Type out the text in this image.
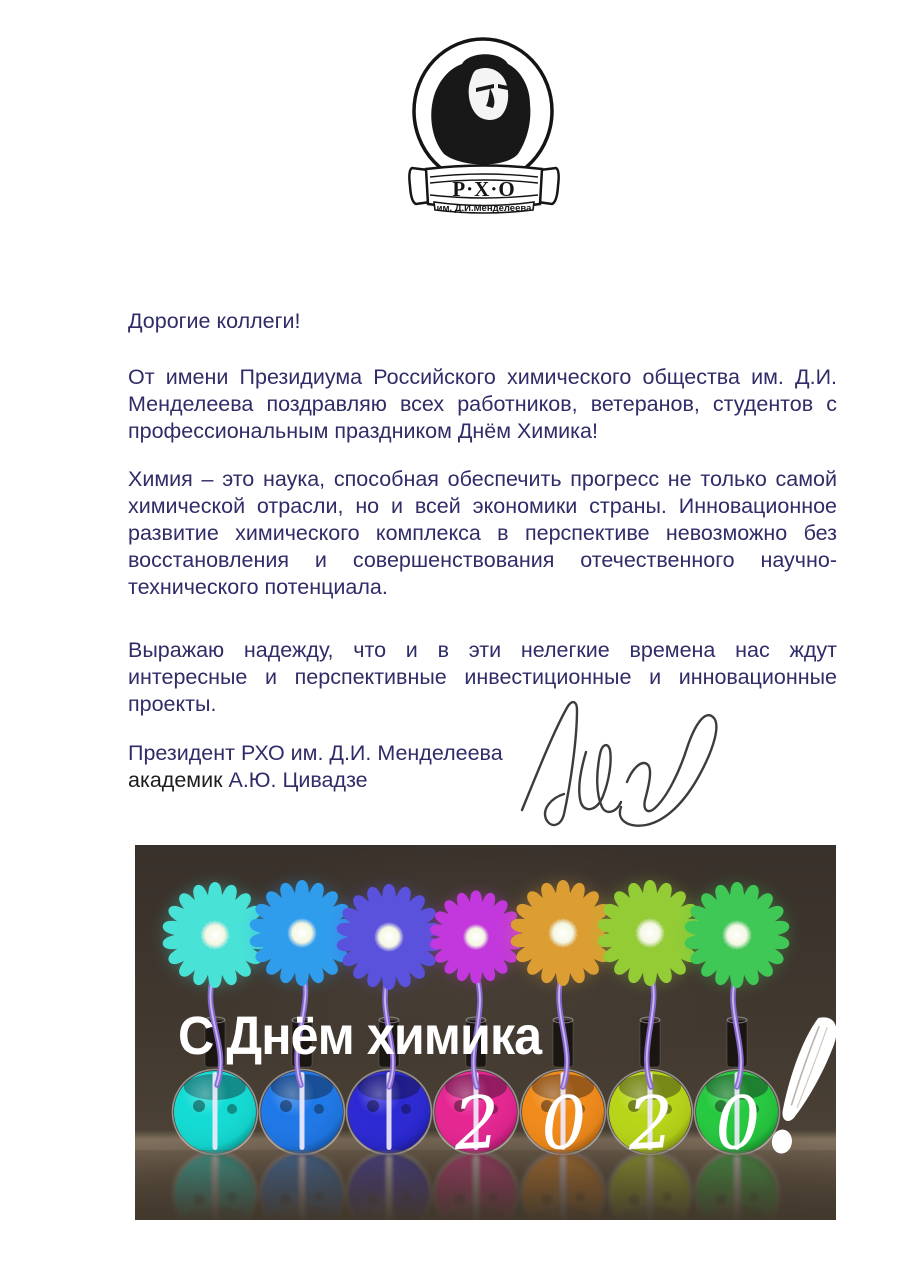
Р·Х·О
им. Д.И.Менделеева

Дорогие коллеги!

От имени Президиума Российского химического общества им. Д.И. Менделеева поздравляю всех работников, ветеранов, студентов с профессиональным праздником Днём Химика!

Химия – это наука, способная обеспечить прогресс не только самой химической отрасли, но и всей экономики страны. Инновационное развитие химического комплекса в перспективе невозможно без восстановления и совершенствования отечественного научно-технического потенциала.

Выражаю надежду, что и в эти нелегкие времена нас ждут интересные и перспективные инвестиционные и инновационные проекты.

Президент РХО им. Д.И. Менделеева
академик А.Ю. Цивадзе
С Днём химика
2 0 2 0
